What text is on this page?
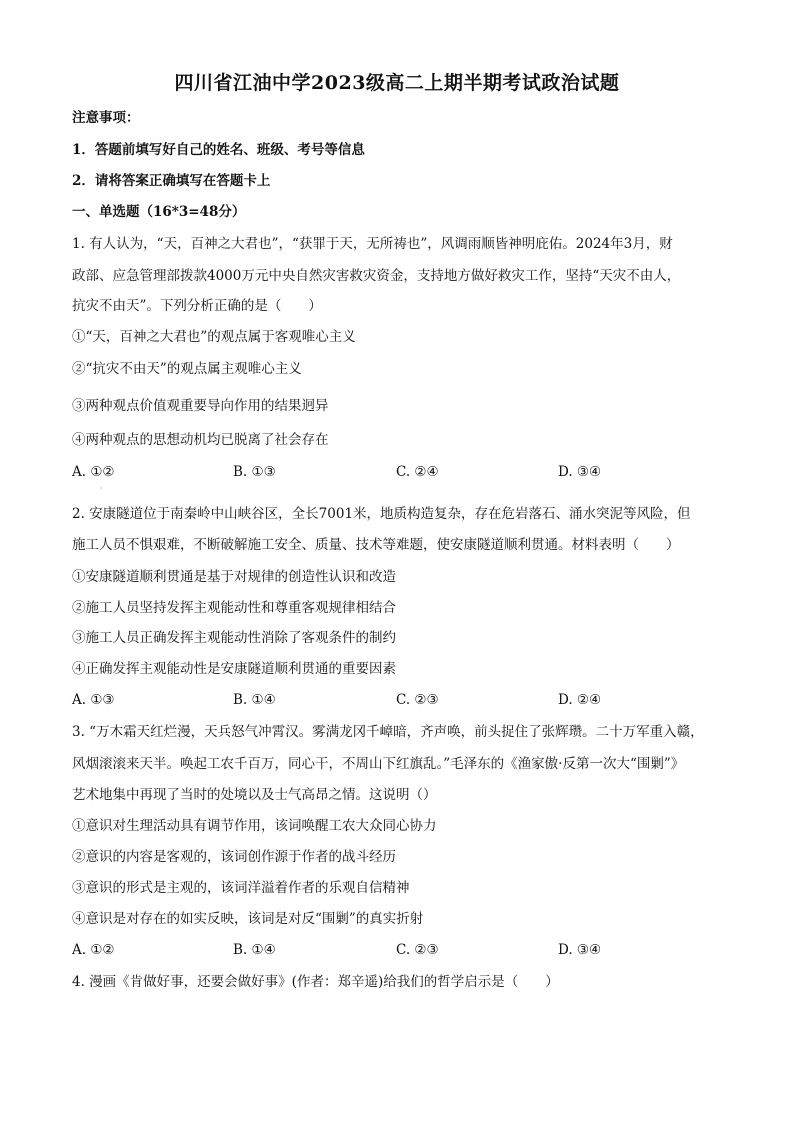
四川省江油中学2023级高二上期半期考试政治试题
注意事项：
1．答题前填写好自己的姓名、班级、考号等信息
2．请将答案正确填写在答题卡上
一、单选题（16*3=48分）
1. 有人认为，“天，百神之大君也”，“获罪于天，无所祷也”，风调雨顺皆神明庇佑。2024年3月，财
政部、应急管理部拨款4000万元中央自然灾害救灾资金，支持地方做好救灾工作，坚持“天灾不由人，
抗灾不由天”。下列分析正确的是（　　）
①“天，百神之大君也”的观点属于客观唯心主义
②“抗灾不由天”的观点属主观唯心主义
③两种观点价值观重要导向作用的结果迥异
④两种观点的思想动机均已脱离了社会存在
A. ①②	B. ①③	C. ②④	D. ③④
·
2. 安康隧道位于南秦岭中山峡谷区，全长7001米，地质构造复杂，存在危岩落石、涌水突泥等风险，但
施工人员不惧艰难，不断破解施工安全、质量、技术等难题，使安康隧道顺利贯通。材料表明（　　）
①安康隧道顺利贯通是基于对规律的创造性认识和改造
②施工人员坚持发挥主观能动性和尊重客观规律相结合
③施工人员正确发挥主观能动性消除了客观条件的制约
④正确发挥主观能动性是安康隧道顺利贯通的重要因素
A. ①③	B. ①④	C. ②③	D. ②④
3. “万木霜天红烂漫，天兵怒气冲霄汉。雾满龙冈千嶂暗，齐声唤，前头捉住了张辉瓒。二十万军重入赣，
风烟滚滚来天半。唤起工农千百万，同心干，不周山下红旗乱。”毛泽东的《渔家傲·反第一次大“围剿”》
艺术地集中再现了当时的处境以及士气高昂之情。这说明（）
①意识对生理活动具有调节作用，该词唤醒工农大众同心协力
②意识的内容是客观的，该词创作源于作者的战斗经历
③意识的形式是主观的，该词洋溢着作者的乐观自信精神
④意识是对存在的如实反映，该词是对反“围剿”的真实折射
A. ①②	B. ①④	C. ②③	D. ③④
4. 漫画《肯做好事，还要会做好事》(作者：郑辛遥)给我们的哲学启示是（　　）
